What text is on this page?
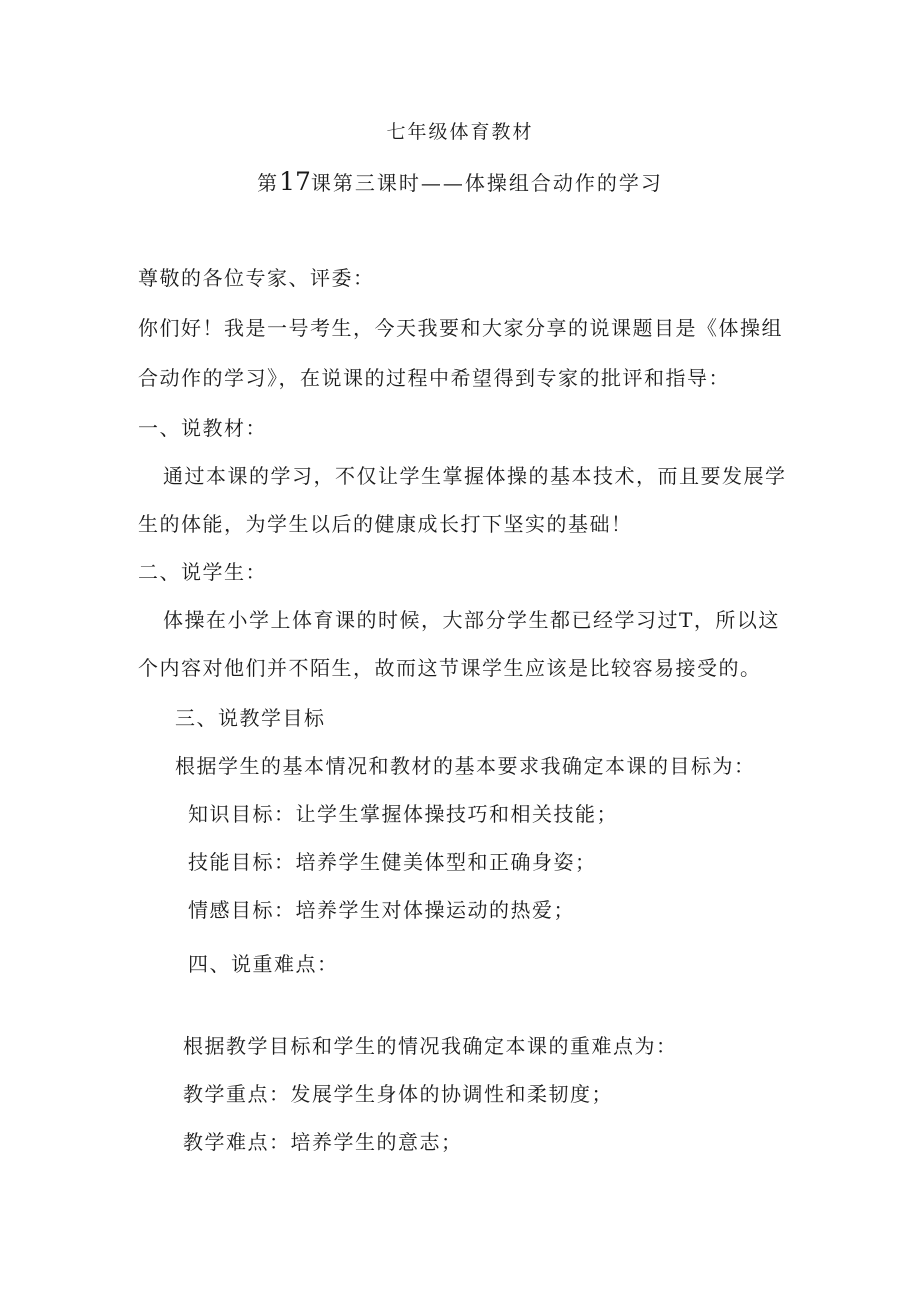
七年级体育教材
第17课第三课时——体操组合动作的学习
尊敬的各位专家、评委：
你们好！我是一号考生，今天我要和大家分享的说课题目是《体操组
合动作的学习》，在说课的过程中希望得到专家的批评和指导：
一、说教材：
通过本课的学习，不仅让学生掌握体操的基本技术，而且要发展学
生的体能，为学生以后的健康成长打下坚实的基础！
二、说学生：
体操在小学上体育课的时候，大部分学生都已经学习过T，所以这
个内容对他们并不陌生，故而这节课学生应该是比较容易接受的。
三、说教学目标
根据学生的基本情况和教材的基本要求我确定本课的目标为：
知识目标：让学生掌握体操技巧和相关技能；
技能目标：培养学生健美体型和正确身姿；
情感目标：培养学生对体操运动的热爱；
四、说重难点：
根据教学目标和学生的情况我确定本课的重难点为：
教学重点：发展学生身体的协调性和柔韧度；
教学难点：培养学生的意志；
